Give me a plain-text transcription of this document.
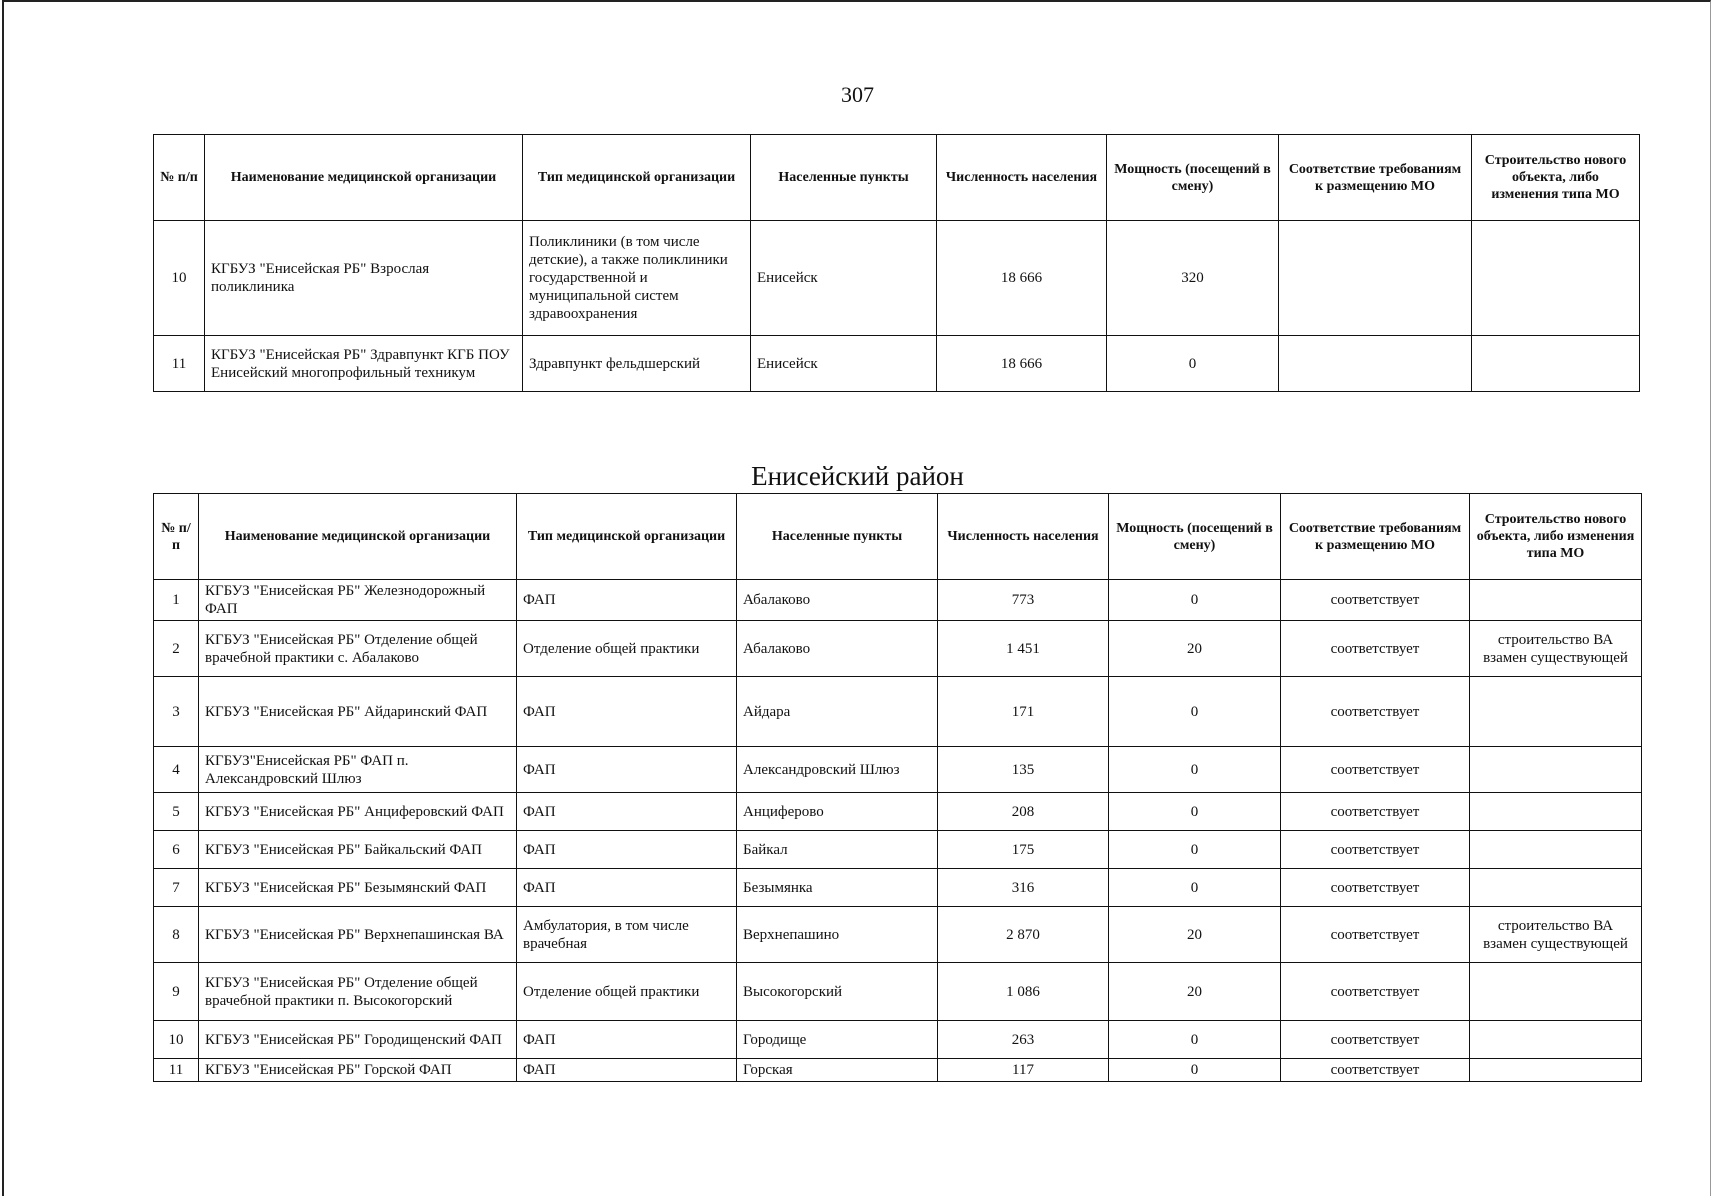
307
№ п/п	Наименование медицинской организации	Тип медицинской организации	Населенные пункты	Численность населения	Мощность (посещений в смену)	Соответствие требованиям к размещению МО	Строительство нового объекта, либо изменения типа МО
10	КГБУЗ "Енисейская РБ" Взрослая поликлиника	Поликлиники (в том числе детские), а также поликлиники государственной и муниципальной систем здравоохранения	Енисейск	18 666	320		
11	КГБУЗ "Енисейская РБ" Здравпункт КГБ ПОУ Енисейский многопрофильный техникум	Здравпункт фельдшерский	Енисейск	18 666	0		
Енисейский район
№ п/п	Наименование медицинской организации	Тип медицинской организации	Населенные пункты	Численность населения	Мощность (посещений в смену)	Соответствие требованиям к размещению МО	Строительство нового объекта, либо изменения типа МО
1	КГБУЗ "Енисейская РБ" Железнодорожный ФАП	ФАП	Абалаково	773	0	соответствует	
2	КГБУЗ "Енисейская РБ" Отделение общей врачебной практики с. Абалаково	Отделение общей практики	Абалаково	1 451	20	соответствует	строительство ВА взамен существующей
3	КГБУЗ "Енисейская РБ" Айдаринский ФАП	ФАП	Айдара	171	0	соответствует	
4	КГБУЗ"Енисейская РБ" ФАП п. Александровский Шлюз	ФАП	Александровский Шлюз	135	0	соответствует	
5	КГБУЗ "Енисейская РБ" Анциферовский ФАП	ФАП	Анциферово	208	0	соответствует	
6	КГБУЗ "Енисейская РБ" Байкальский ФАП	ФАП	Байкал	175	0	соответствует	
7	КГБУЗ "Енисейская РБ" Безымянский ФАП	ФАП	Безымянка	316	0	соответствует	
8	КГБУЗ "Енисейская РБ" Верхнепашинская ВА	Амбулатория, в том числе врачебная	Верхнепашино	2 870	20	соответствует	строительство ВА взамен существующей
9	КГБУЗ "Енисейская РБ" Отделение общей врачебной практики п. Высокогорский	Отделение общей практики	Высокогорский	1 086	20	соответствует	
10	КГБУЗ "Енисейская РБ" Городищенский ФАП	ФАП	Городище	263	0	соответствует	
11	КГБУЗ "Енисейская РБ" Горской ФАП	ФАП	Горская	117	0	соответствует	
